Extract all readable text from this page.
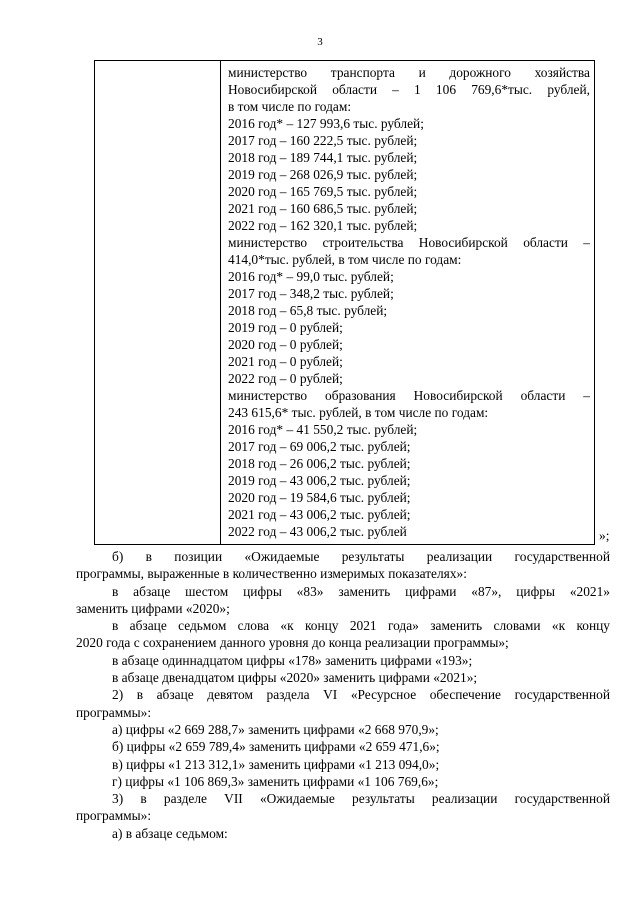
3
министерство транспорта и дорожного хозяйства
Новосибирской области – 1 106 769,6*тыс. рублей,
в том числе по годам:
2016 год* – 127 993,6 тыс. рублей;
2017 год – 160 222,5 тыс. рублей;
2018 год – 189 744,1 тыс. рублей;
2019 год – 268 026,9 тыс. рублей;
2020 год – 165 769,5 тыс. рублей;
2021 год – 160 686,5 тыс. рублей;
2022 год – 162 320,1 тыс. рублей;
министерство строительства Новосибирской области –
414,0*тыс. рублей, в том числе по годам:
2016 год* – 99,0 тыс. рублей;
2017 год – 348,2 тыс. рублей;
2018 год – 65,8 тыс. рублей;
2019 год – 0 рублей;
2020 год – 0 рублей;
2021 год – 0 рублей;
2022 год – 0 рублей;
министерство образования Новосибирской области –
243 615,6* тыс. рублей, в том числе по годам:
2016 год* – 41 550,2 тыс. рублей;
2017 год – 69 006,2 тыс. рублей;
2018 год – 26 006,2 тыс. рублей;
2019 год – 43 006,2 тыс. рублей;
2020 год – 19 584,6 тыс. рублей;
2021 год – 43 006,2 тыс. рублей;
2022 год – 43 006,2 тыс. рублей	»;
б) в позиции «Ожидаемые результаты реализации государственной
программы, выраженные в количественно измеримых показателях»:
в абзаце шестом цифры «83» заменить цифрами «87», цифры «2021»
заменить цифрами «2020»;
в абзаце седьмом слова «к концу 2021 года» заменить словами «к концу
2020 года с сохранением данного уровня до конца реализации программы»;
в абзаце одиннадцатом цифры «178» заменить цифрами «193»;
в абзаце двенадцатом цифры «2020» заменить цифрами «2021»;
2) в абзаце девятом раздела VI «Ресурсное обеспечение государственной
программы»:
а) цифры «2 669 288,7» заменить цифрами «2 668 970,9»;
б) цифры «2 659 789,4» заменить цифрами «2 659 471,6»;
в) цифры «1 213 312,1» заменить цифрами «1 213 094,0»;
г) цифры «1 106 869,3» заменить цифрами «1 106 769,6»;
3) в разделе VII «Ожидаемые результаты реализации государственной
программы»:
а) в абзаце седьмом:
